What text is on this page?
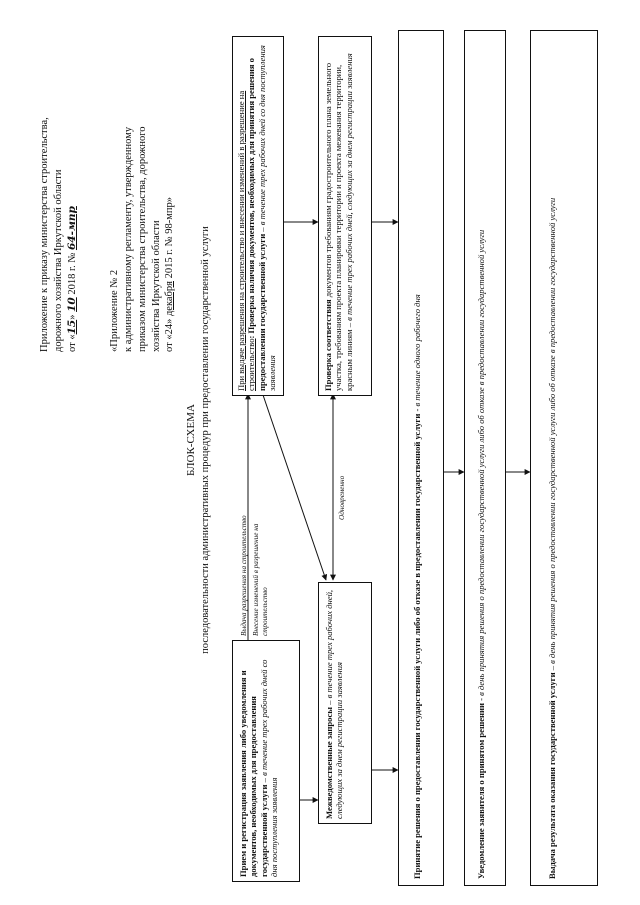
Приложение к приказу министерства строительства, дорожного хозяйства Иркутской области от «15» 10 2018 г. № 64-мпр
«Приложение № 2 к административному регламенту, утвержденному приказом министерства строительства, дорожного хозяйства Иркутской области от «24» декабря 2015 г. № 98-мпр»
БЛОК-СХЕМА последовательности административных процедур при предоставлении государственной услуги	Выдача разрешения на строительство Внесение изменений в разрешение на строительство
Одновременно
Прием и регистрация заявления либо уведомления и документов, необходимых для предоставления государственной услуги – в течение трех рабочих дней со дня поступления заявления
Межведомственные запросы – в течение трех рабочих дней, следующих за днем регистрации заявления
При выдаче разрешения на строительство и внесении изменений в разрешение на строительство: Проверка наличия документов, необходимых для принятия решения о предоставлении государственной услуги – в течение трех рабочих дней со дня поступления заявления	Проверка соответствия документов требованиям градостроительного плана земельного участка, требованиям проекта планировки территории и проекта межевания территории, красным линиям – в течение трех рабочих дней, следующих за днем регистрации заявления
Принятие решения о предоставлении государственной услуги либо об отказе в предоставлении государственной услуги - в течение одного рабочего дня
Уведомление заявителя о принятом решении - в день принятия решения о предоставлении государственной услуги либо об отказе в предоставлении государственной услуги
Выдача результата оказания государственной услуги – в день принятия решения о предоставлении государственной услуги либо об отказе в предоставлении государственной услуги
